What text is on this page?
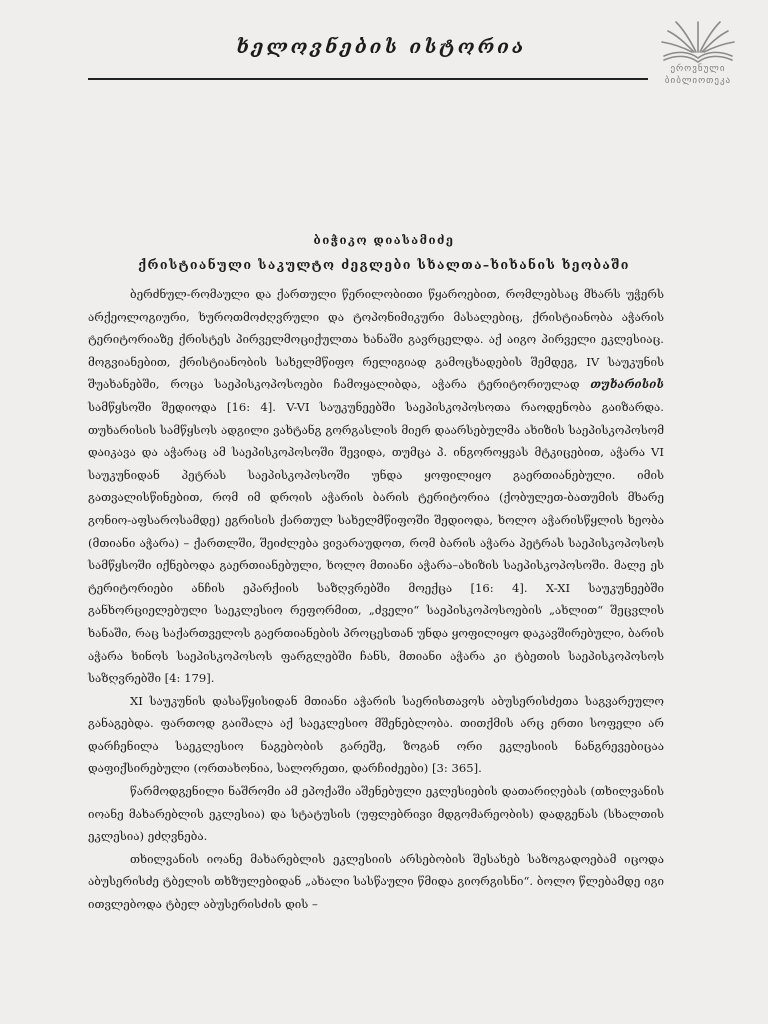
ხელოვნების ისტორია
ეროვნული
ბიბლიოთეკა
ბიჭიკო დიასამიძე
ქრისტიანული საკულტო ძეგლები სხალთა–ხიხანის ხეობაში

ბერძნულ-რომაული და ქართული წერილობითი წყაროებით, რომლებსაც მხარს უჭერს არქეოლოგიური, ხუროთმოძღვრული და ტოპონიმიკური მასალებიც, ქრისტიანობა აჭარის ტერიტორიაზე ქრისტეს პირველმოციქულთა ხანაში გავრცელდა. აქ აიგო პირველი ეკლესიაც. მოგვიანებით, ქრისტიანობის სახელმწიფო რელიგიად გამოცხადების შემდეგ, IV საუკუნის შუახანებში, როცა საეპისკოპოსოები ჩამოყალიბდა, აჭარა ტერიტორიულად თუხარისის სამწყსოში შედიოდა [16: 4]. V-VI საუკუნეებში საეპისკოპოსოთა რაოდენობა გაიზარდა. თუხარისის სამწყსოს ადგილი ვახტანგ გორგასლის მიერ დაარსებულმა ახიზის საეპისკოპოსომ დაიკავა და აჭარაც ამ საეპისკოპოსოში შევიდა, თუმცა პ. ინგოროყვას მტკიცებით, აჭარა VI საუკუნიდან პეტრას საეპისკოპოსოში უნდა ყოფილიყო გაერთიანებული. იმის გათვალისწინებით, რომ იმ დროის აჭარის ბარის ტერიტორია (ქობულეთ-ბათუმის მხარე გონიო-აფსაროსამდე) ეგრისის ქართულ სახელმწიფოში შედიოდა, ხოლო აჭარისწყლის ხეობა (მთიანი აჭარა) – ქართლში, შეიძლება ვივარაუდოთ, რომ ბარის აჭარა პეტრას საეპისკოპოსოს სამწყსოში იქნებოდა გაერთიანებული, ხოლო მთიანი აჭარა–ახიზის საეპისკოპოსოში. მალე ეს ტერიტორიები ანჩის ეპარქიის საზღვრებში მოექცა [16: 4]. X-XI საუკუნეებში განხორციელებული საეკლესიო რეფორმით, „ძველი“ საეპისკოპოსოების „ახლით“ შეცვლის ხანაში, რაც საქართველოს გაერთიანების პროცესთან უნდა ყოფილიყო დაკავშირებული, ბარის აჭარა ხინოს საეპისკოპოსოს ფარგლებში ჩანს, მთიანი აჭარა კი ტბეთის საეპისკოპოსოს საზღვრებში [4: 179].

XI საუკუნის დასაწყისიდან მთიანი აჭარის საერისთავოს აბუსერისძეთა საგვარეულო განაგებდა. ფართოდ გაიშალა აქ საეკლესიო მშენებლობა. თითქმის არც ერთი სოფელი არ დარჩენილა საეკლესიო ნაგებობის გარეშე, ზოგან ორი ეკლესიის ნანგრევებიცაა დაფიქსირებული (ორთახონია, სალორეთი, დარჩიძეები) [3: 365].

წარმოდგენილი ნაშრომი ამ ეპოქაში აშენებული ეკლესიების დათარიღებას (თხილვანის იოანე მახარებლის ეკლესია) და სტატუსის (უფლებრივი მდგომარეობის) დადგენას (სხალთის ეკლესია) ეძღვნება.

თხილვანის იოანე მახარებლის ეკლესიის არსებობის შესახებ საზოგადოებამ იცოდა აბუსერისძე ტბელის თხზულებიდან „ახალი სასწაული წმიდა გიორგისნი“. ბოლო წლებამდე იგი ითვლებოდა ტბელ აბუსერისძის დის –
